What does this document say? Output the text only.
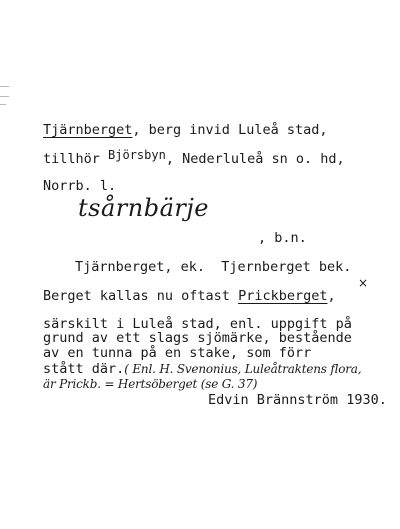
Tjärnberget, berg invid Luleå stad,
tillhör Björsbyn, Nederluleå sn o. hd,
Norrb. l.
tsårnbärje
, b.n.
Tjärnberget, ek.  Tjernberget bek.
Berget kallas nu oftast Prickberget,
×
särskilt i Luleå stad, enl. uppgift på
grund av ett slags sjömärke, bestående
av en tunna på en stake, som förr
stått där.( Enl. H. Svenonius, Luleåtraktens flora,
är Prickb. = Hertsöberget (se G. 37)
Edvin Brännström 1930.
